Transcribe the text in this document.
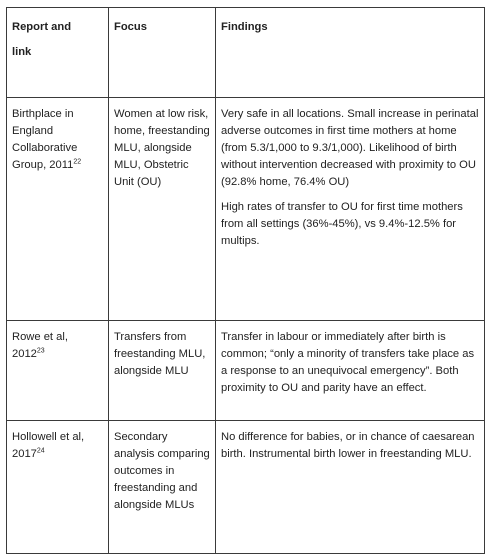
Report and
link	Focus	Findings
Birthplace in England Collaborative Group, 2011$^{22}$	Women at low risk, home, freestanding MLU, alongside MLU, Obstetric Unit (OU)	Very safe in all locations. Small increase in perinatal adverse outcomes in first time mothers at home (from 5.3/1,000 to 9.3/1,000). Likelihood of birth without intervention decreased with proximity to OU (92.8% home, 76.4% OU)

High rates of transfer to OU for first time mothers from all settings (36%-45%), vs 9.4%-12.5% for multips.

Rowe et al, 2012$^{23}$	Transfers from freestanding MLU, alongside MLU	Transfer in labour or immediately after birth is common; “only a minority of transfers take place as a response to an unequivocal emergency”. Both proximity to OU and parity have an effect.

Hollowell et al, 2017$^{24}$	Secondary analysis comparing outcomes in freestanding and alongside MLUs	No difference for babies, or in chance of caesarean birth. Instrumental birth lower in freestanding MLU.
